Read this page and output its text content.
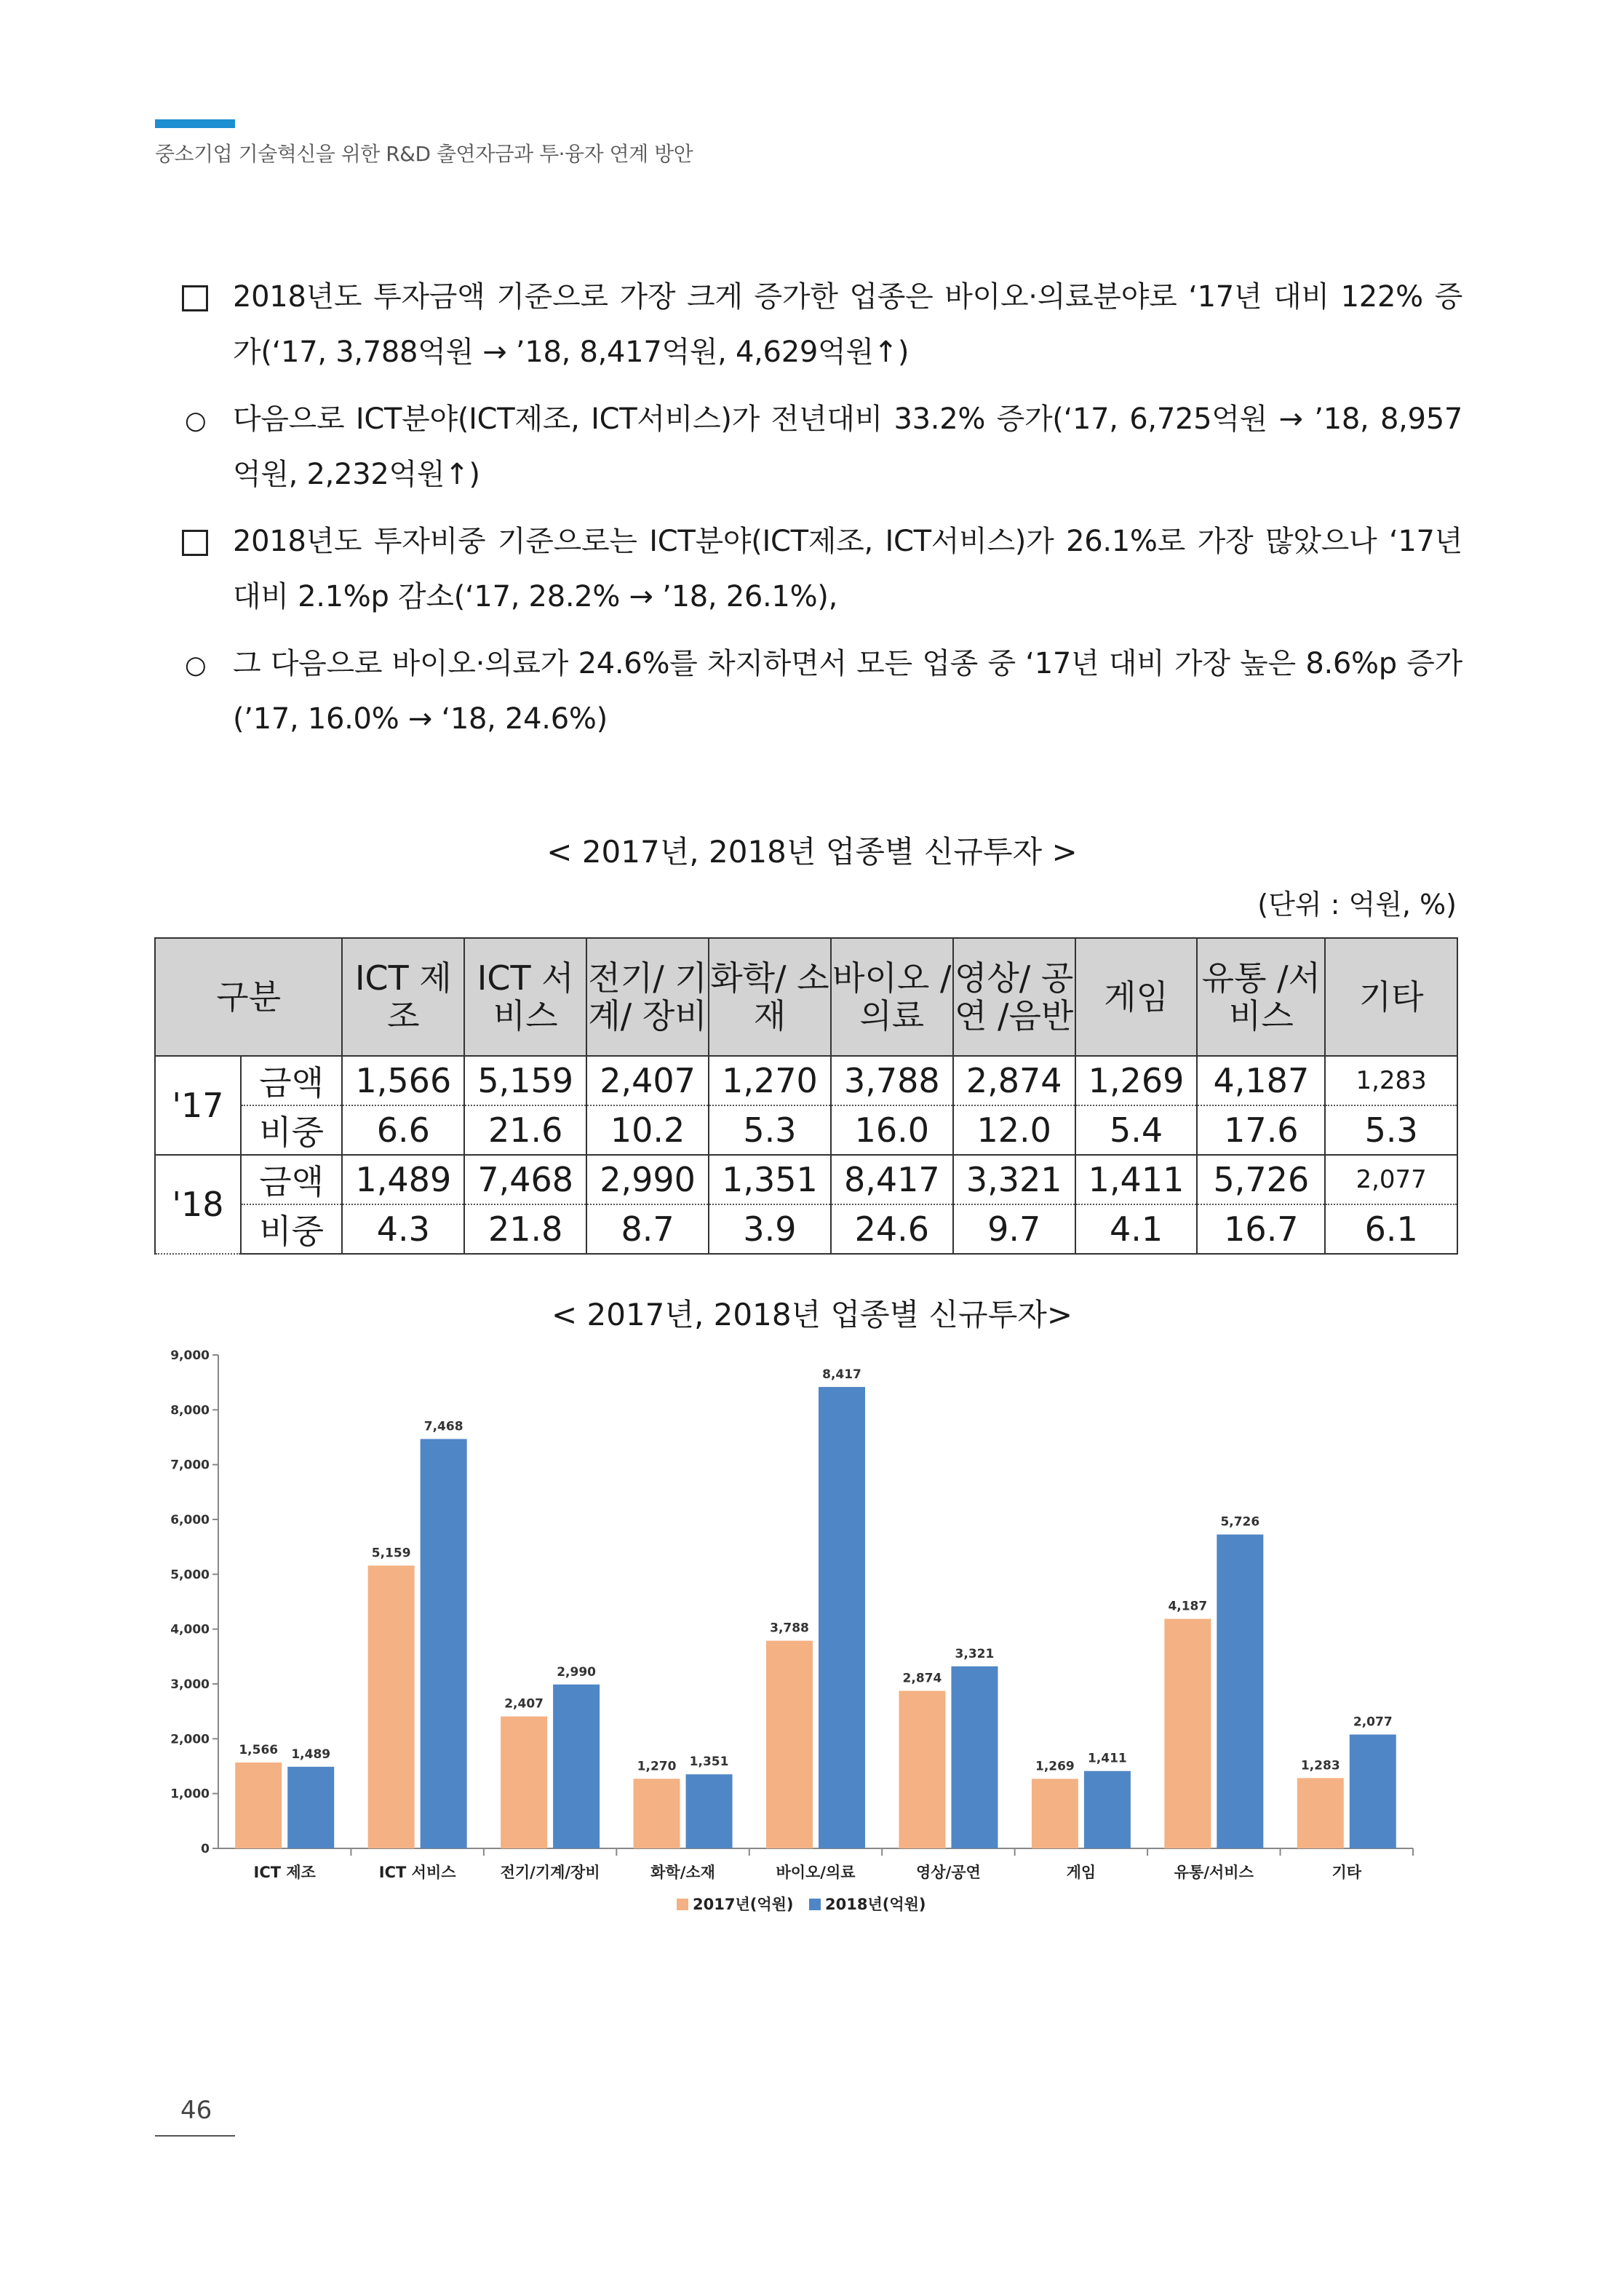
중소기업 기술혁신을 위한 R&D 출연자금과 투·융자 연계 방안
2018년도 투자금액 기준으로 가장 크게 증가한 업종은 바이오·의료분야로 ‘17년 대비 122% 증가(‘17, 3,788억원 → ’18, 8,417억원, 4,629억원↑)
○ 다음으로 ICT분야(ICT제조, ICT서비스)가 전년대비 33.2% 증가(‘17, 6,725억원 → ’18, 8,957억원, 2,232억원↑)
2018년도 투자비중 기준으로는 ICT분야(ICT제조, ICT서비스)가 26.1%로 가장 많았으나 ‘17년대비 2.1%p 감소(‘17, 28.2% → ’18, 26.1%),
○ 그 다음으로 바이오·의료가 24.6%를 차지하면서 모든 업종 중 ‘17년 대비 가장 높은 8.6%p 증가(’17, 16.0% → ‘18, 24.6%)
< 2017년, 2018년 업종별 신규투자 >
(단위 : 억원, %)
구분		ICT 제조	ICT 서비스	전기/ 기계/ 장비	화학/ 소재	바이오 /의료	영상/ 공연 /음반	게임	유통 /서비스	기타
'17	금액	1,566	5,159	2,407	1,270	3,788	2,874	1,269	4,187	1,283
	비중	6.6	21.6	10.2	5.3	16.0	12.0	5.4	17.6	5.3
'18	금액	1,489	7,468	2,990	1,351	8,417	3,321	1,411	5,726	2,077
	비중	4.3	21.8	8.7	3.9	24.6	9.7	4.1	16.7	6.1
< 2017년, 2018년 업종별 신규투자>
0
1,000
2,000
3,000
4,000
5,000
6,000
7,000
8,000
9,000
1,566 1,489
ICT 제조
5,159
7,468
ICT 서비스
2,407
2,990
전기/기계/장비
1,270 1,351
화학/소재
3,788
8,417
바이오/의료
2,874
3,321
영상/공연
1,269
1,411
게임
4,187
5,726
유통/서비스
1,283
2,077
기타
2017년(억원) 2018년(억원)
46
